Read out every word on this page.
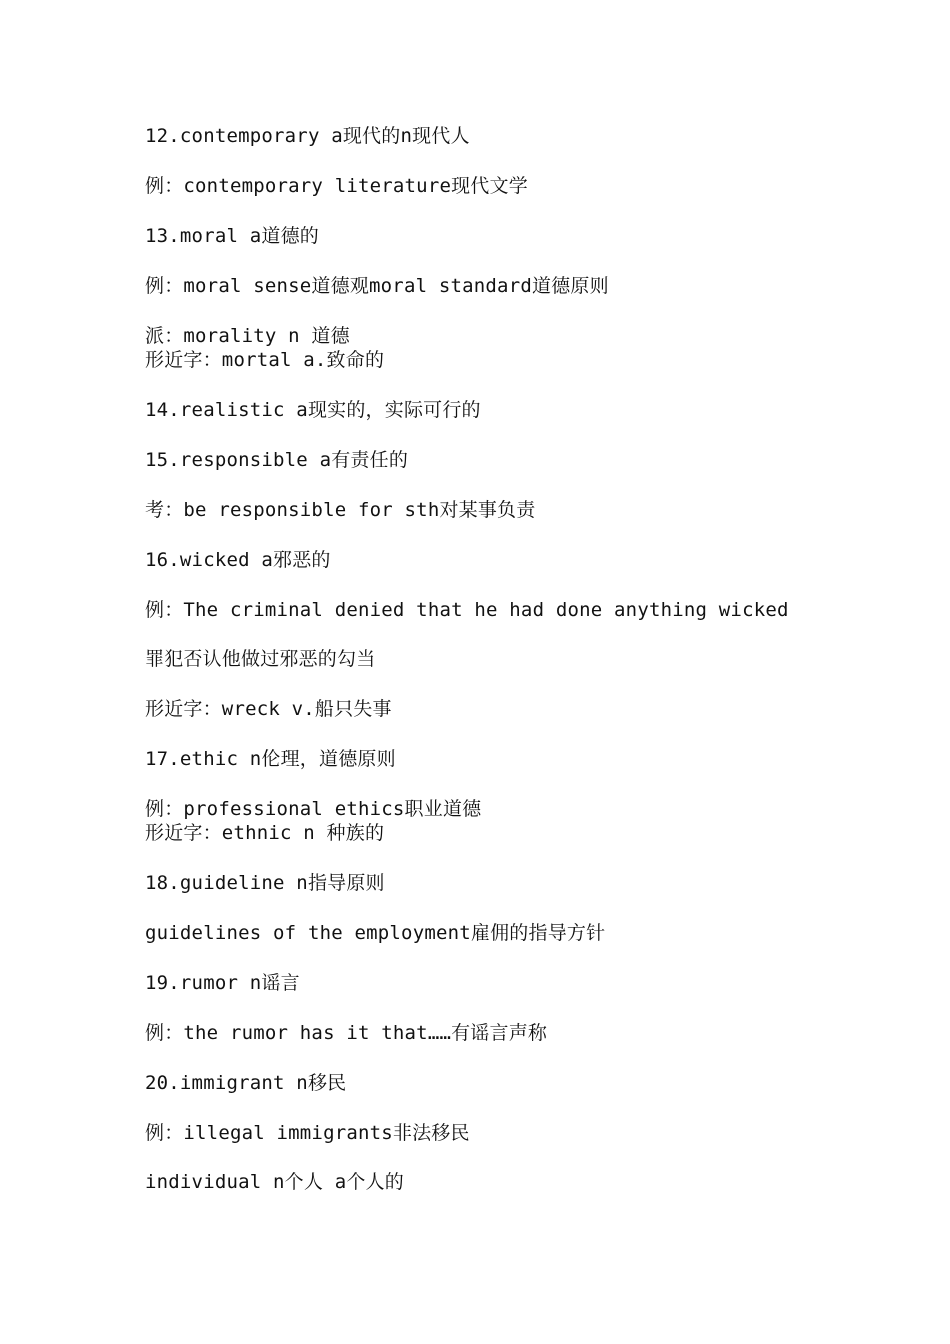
12.contemporary a现代的n现代人
例：contemporary literature现代文学
13.moral a道德的
例：moral sense道德观moral standard道德原则
派：morality n 道德
形近字：mortal a.致命的
14.realistic a现实的，实际可行的
15.responsible a有责任的
考：be responsible for sth对某事负责
16.wicked a邪恶的
例：The criminal denied that he had done anything wicked
罪犯否认他做过邪恶的勾当
形近字：wreck v.船只失事
17.ethic n伦理，道德原则
例：professional ethics职业道德
形近字：ethnic n 种族的
18.guideline n指导原则
guidelines of the employment雇佣的指导方针
19.rumor n谣言
例：the rumor has it that……有谣言声称
20.immigrant n移民
例：illegal immigrants非法移民
individual n个人 a个人的
